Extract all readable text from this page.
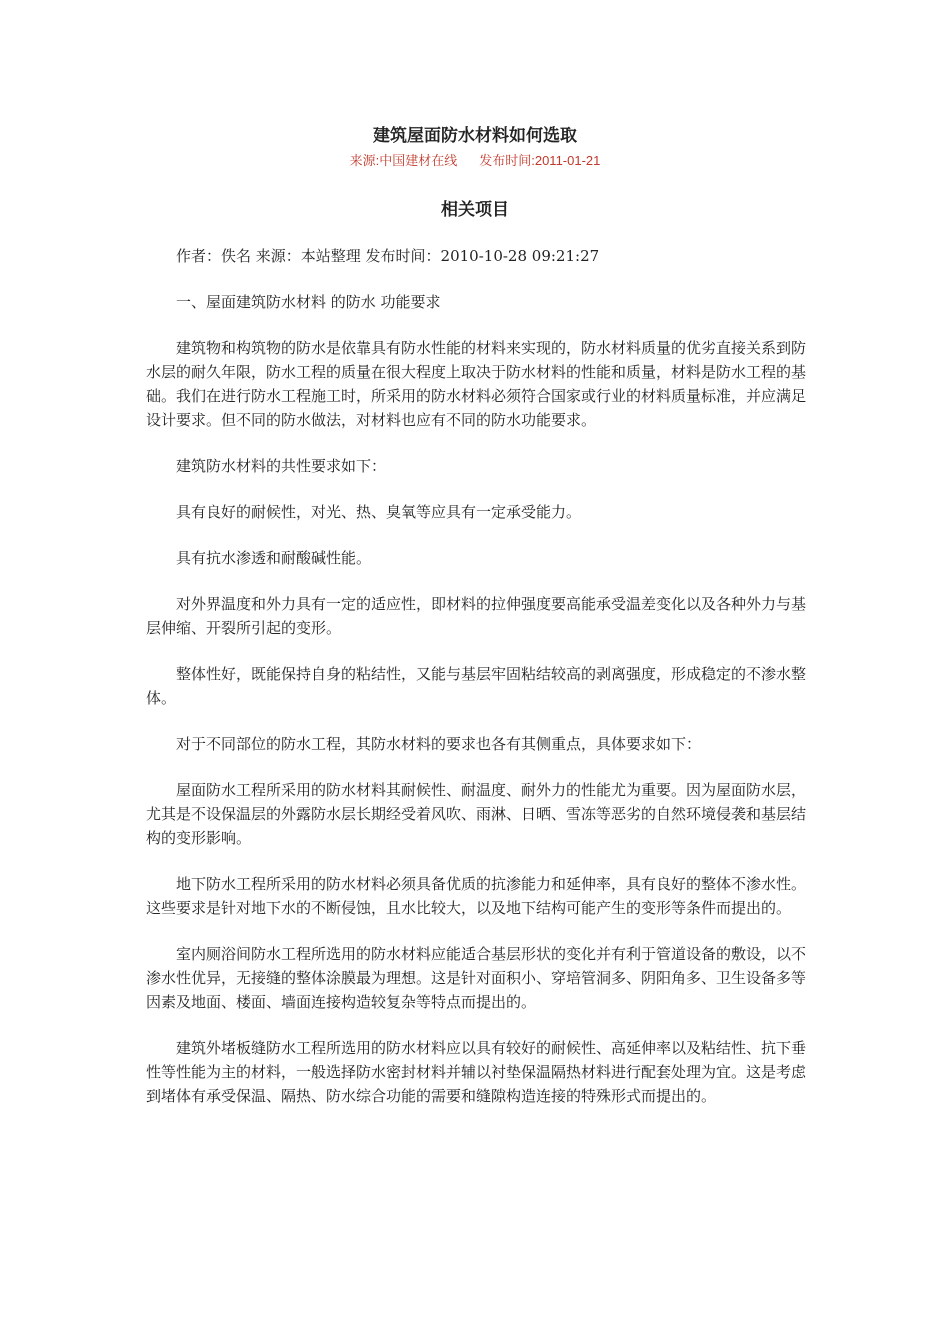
建筑屋面防水材料如何选取
来源:中国建材在线 发布时间:2011-01-21
相关项目

作者：佚名 来源：本站整理 发布时间：2010-10-28 09:21:27

一、屋面建筑防水材料 的防水 功能要求

建筑物和构筑物的防水是依靠具有防水性能的材料来实现的，防水材料质量的优劣直接关系到防水层的耐久年限，防水工程的质量在很大程度上取决于防水材料的性能和质量，材料是防水工程的基础。我们在进行防水工程施工时，所采用的防水材料必须符合国家或行业的材料质量标准，并应满足设计要求。但不同的防水做法，对材料也应有不同的防水功能要求。

建筑防水材料的共性要求如下：

具有良好的耐候性，对光、热、臭氧等应具有一定承受能力。

具有抗水渗透和耐酸碱性能。

对外界温度和外力具有一定的适应性，即材料的拉伸强度要高能承受温差变化以及各种外力与基层伸缩、开裂所引起的变形。

整体性好，既能保持自身的粘结性，又能与基层牢固粘结较高的剥离强度，形成稳定的不渗水整体。

对于不同部位的防水工程，其防水材料的要求也各有其侧重点，具体要求如下：

屋面防水工程所采用的防水材料其耐候性、耐温度、耐外力的性能尤为重要。因为屋面防水层，尤其是不设保温层的外露防水层长期经受着风吹、雨淋、日晒、雪冻等恶劣的自然环境侵袭和基层结构的变形影响。

地下防水工程所采用的防水材料必须具备优质的抗渗能力和延伸率，具有良好的整体不渗水性。这些要求是针对地下水的不断侵蚀，且水比较大，以及地下结构可能产生的变形等条件而提出的。

室内厕浴间防水工程所选用的防水材料应能适合基层形状的变化并有利于管道设备的敷设，以不渗水性优异，无接缝的整体涂膜最为理想。这是针对面积小、穿培管洞多、阴阳角多、卫生设备多等因素及地面、楼面、墙面连接构造较复杂等特点而提出的。

建筑外堵板缝防水工程所选用的防水材料应以具有较好的耐候性、高延伸率以及粘结性、抗下垂性等性能为主的材料，一般选择防水密封材料并辅以衬垫保温隔热材料进行配套处理为宜。这是考虑到堵体有承受保温、隔热、防水综合功能的需要和缝隙构造连接的特殊形式而提出的。
